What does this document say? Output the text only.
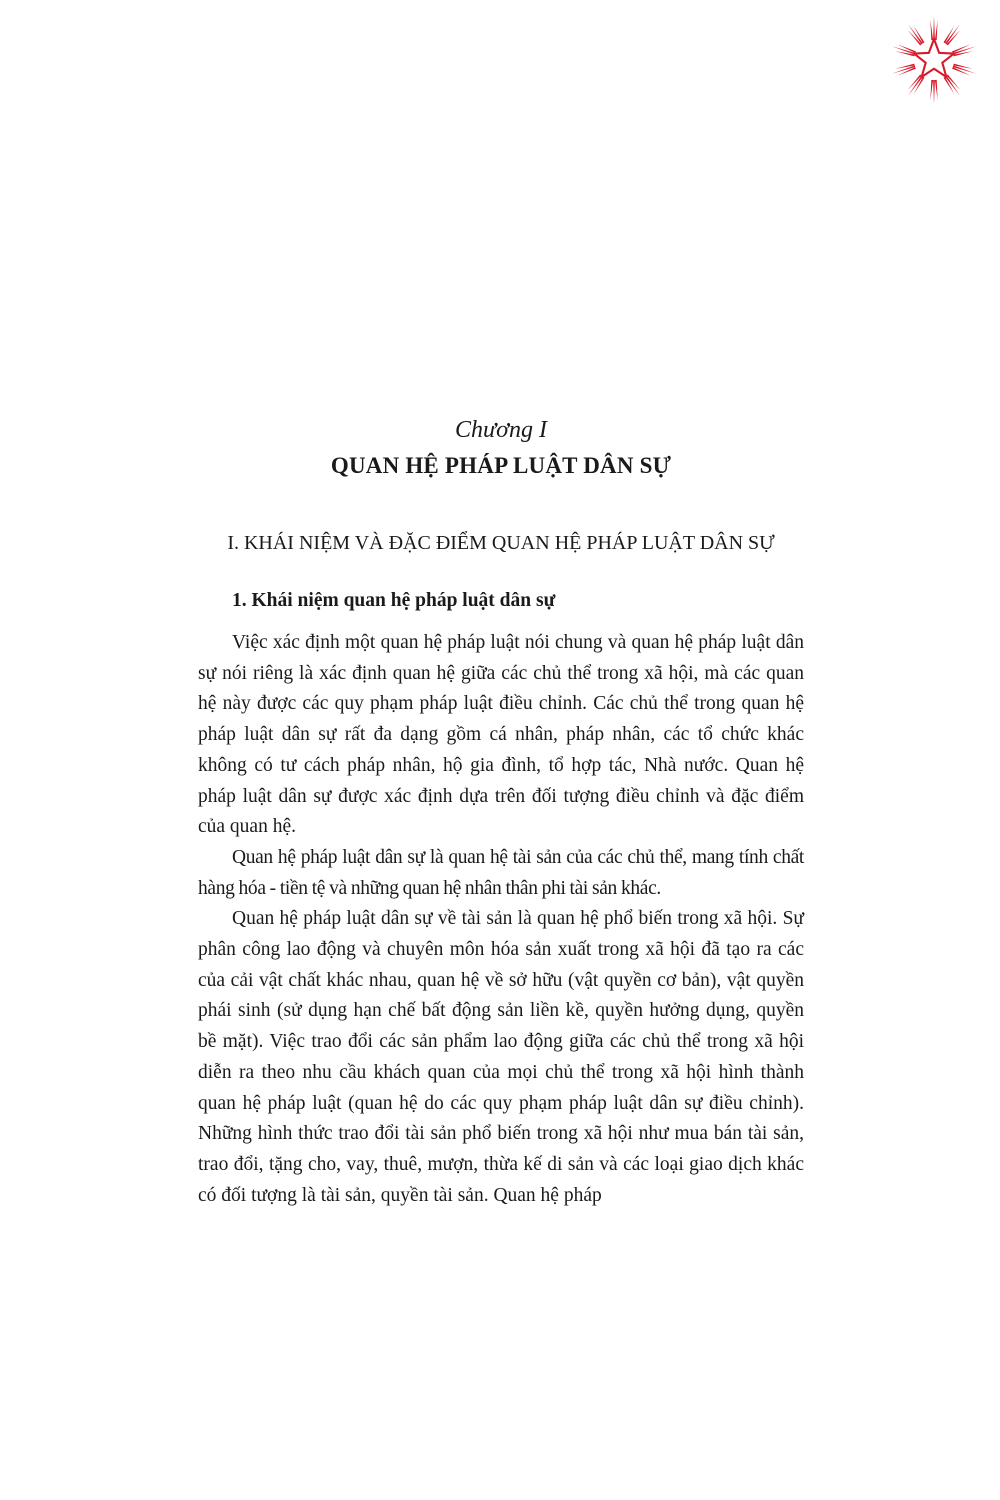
Chương I
QUAN HỆ PHÁP LUẬT DÂN SỰ
I. KHÁI NIỆM VÀ ĐẶC ĐIỂM QUAN HỆ PHÁP LUẬT DÂN SỰ
1. Khái niệm quan hệ pháp luật dân sự

Việc xác định một quan hệ pháp luật nói chung và quan hệ pháp luật dân sự nói riêng là xác định quan hệ giữa các chủ thể trong xã hội, mà các quan hệ này được các quy phạm pháp luật điều chỉnh. Các chủ thể trong quan hệ pháp luật dân sự rất đa dạng gồm cá nhân, pháp nhân, các tổ chức khác không có tư cách pháp nhân, hộ gia đình, tổ hợp tác, Nhà nước. Quan hệ pháp luật dân sự được xác định dựa trên đối tượng điều chỉnh và đặc điểm của quan hệ.

Quan hệ pháp luật dân sự là quan hệ tài sản của các chủ thể, mang tính chất hàng hóa - tiền tệ và những quan hệ nhân thân phi tài sản khác.

Quan hệ pháp luật dân sự về tài sản là quan hệ phổ biến trong xã hội. Sự phân công lao động và chuyên môn hóa sản xuất trong xã hội đã tạo ra các của cải vật chất khác nhau, quan hệ về sở hữu (vật quyền cơ bản), vật quyền phái sinh (sử dụng hạn chế bất động sản liền kề, quyền hưởng dụng, quyền bề mặt). Việc trao đổi các sản phẩm lao động giữa các chủ thể trong xã hội diễn ra theo nhu cầu khách quan của mọi chủ thể trong xã hội hình thành quan hệ pháp luật (quan hệ do các quy phạm pháp luật dân sự điều chỉnh). Những hình thức trao đổi tài sản phổ biến trong xã hội như mua bán tài sản, trao đổi, tặng cho, vay, thuê, mượn, thừa kế di sản và các loại giao dịch khác có đối tượng là tài sản, quyền tài sản. Quan hệ pháp
